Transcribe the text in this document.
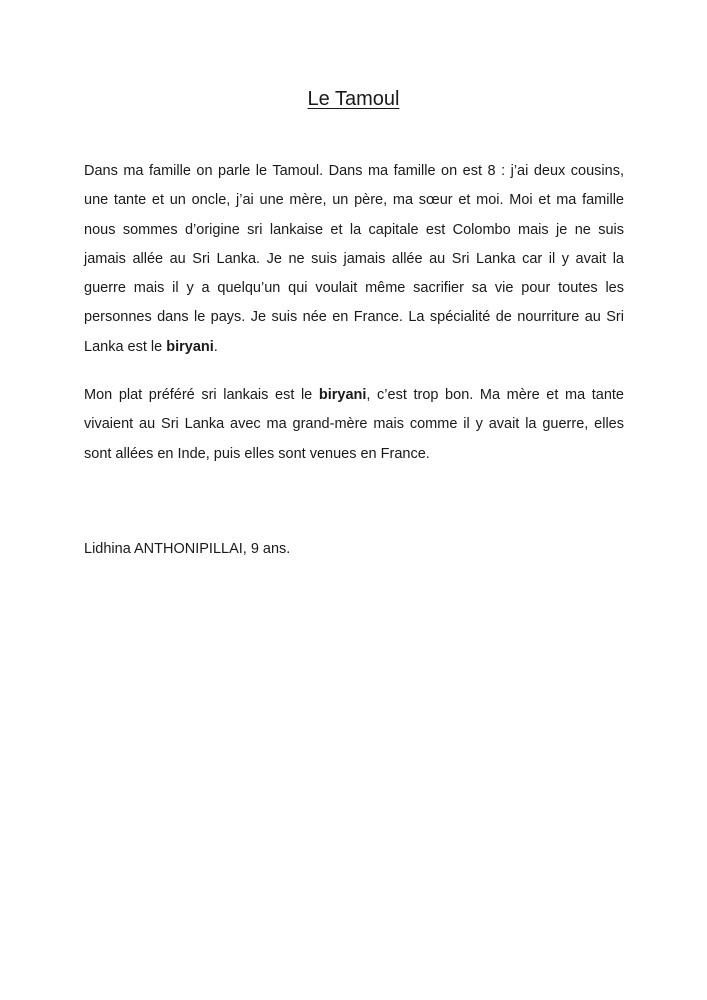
Le Tamoul

Dans ma famille on parle le Tamoul. Dans ma famille on est 8 : j’ai deux cousins, une tante et un oncle, j’ai une mère, un père, ma sœur et moi. Moi et ma famille nous sommes d’origine sri lankaise et la capitale est Colombo mais je ne suis jamais allée au Sri Lanka. Je ne suis jamais allée au Sri Lanka car il y avait la guerre mais il y a quelqu’un qui voulait même sacrifier sa vie pour toutes les personnes dans le pays. Je suis née en France. La spécialité de nourriture au Sri Lanka est le biryani.

Mon plat préféré sri lankais est le biryani, c’est trop bon. Ma mère et ma tante vivaient au Sri Lanka avec ma grand-mère mais comme il y avait la guerre, elles sont allées en Inde, puis elles sont venues en France.

Lidhina ANTHONIPILLAI, 9 ans.
